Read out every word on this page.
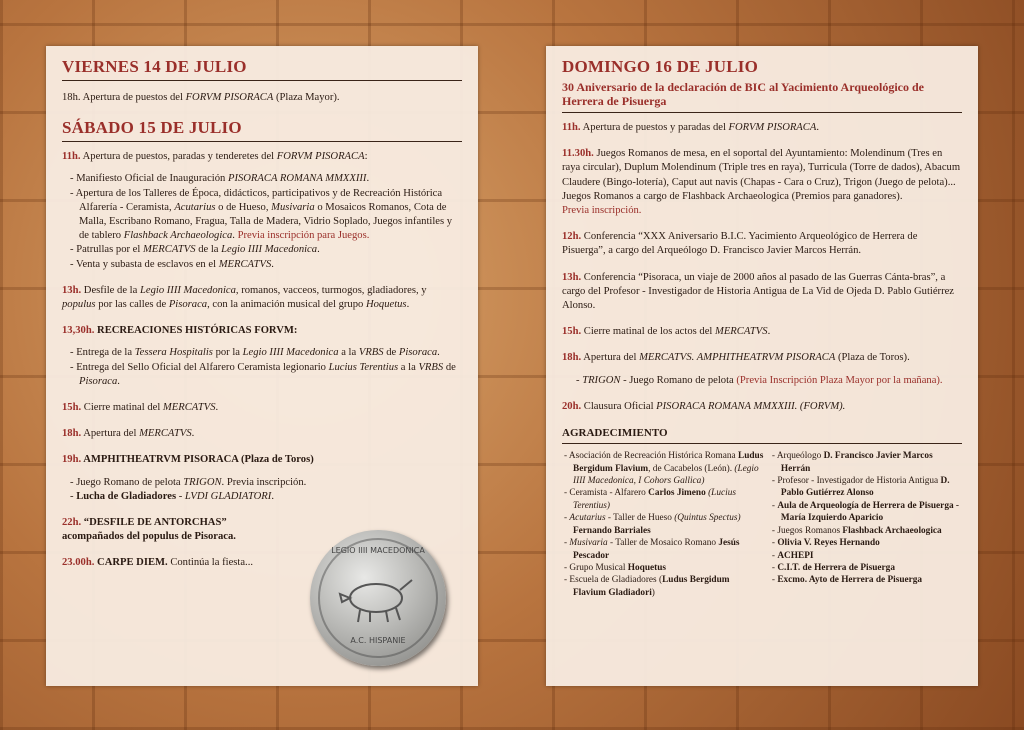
VIERNES 14 DE JULIO

18h. Apertura de puestos del FORVM PISORACA (Plaza Mayor).

SÁBADO 15 DE JULIO

11h. Apertura de puestos, paradas y tenderetes del FORVM PISORACA:

- Manifiesto Oficial de Inauguración PISORACA ROMANA MMXXIII.
- Apertura de los Talleres de Época, didácticos, participativos y de Recreación Histórica Alfarería - Ceramista, Acutarius o de Hueso, Musivaria o Mosaicos Romanos, Cota de Malla, Escribano Romano, Fragua, Talla de Madera, Vidrio Soplado, Juegos infantiles y de tablero Flashback Archaeologica. Previa inscripción para Juegos.
- Patrullas por el MERCATVS de la Legio IIII Macedonica.
- Venta y subasta de esclavos en el MERCATVS.

13h. Desfile de la Legio IIII Macedonica, romanos, vacceos, turmogos, gladiadores, y populus por las calles de Pisoraca, con la animación musical del grupo Hoquetus.

13,30h. RECREACIONES HISTÓRICAS FORVM:

- Entrega de la Tessera Hospitalis por la Legio IIII Macedonica a la VRBS de Pisoraca.
- Entrega del Sello Oficial del Alfarero Ceramista legionario Lucius Terentius a la VRBS de Pisoraca.

15h. Cierre matinal del MERCATVS.

18h. Apertura del MERCATVS.

19h. AMPHITHEATRVM PISORACA (Plaza de Toros)

- Juego Romano de pelota TRIGON. Previa inscripción.
- Lucha de Gladiadores - LVDI GLADIATORI.

22h. “DESFILE DE ANTORCHAS”
acompañados del populus de Pisoraca.

23.00h. CARPE DIEM. Continúa la fiesta...

LEGIO IIII MACEDONICA
A.C. HISPANIE
DOMINGO 16 DE JULIO
30 Aniversario de la declaración de BIC al Yacimiento Arqueológico de Herrera de Pisuerga

11h. Apertura de puestos y paradas del FORVM PISORACA.

11.30h. Juegos Romanos de mesa, en el soportal del Ayuntamiento: Molendinum (Tres en raya circular), Duplum Molendinum (Triple tres en raya), Turricula (Torre de dados), Abacum Claudere (Bingo-lotería), Caput aut navis (Chapas - Cara o Cruz), Trigon (Juego de pelota)...
Juegos Romanos a cargo de Flashback Archaeologica (Premios para ganadores).
Previa inscripción.

12h. Conferencia “XXX Aniversario B.I.C. Yacimiento Arqueológico de Herrera de Pisuerga”, a cargo del Arqueólogo D. Francisco Javier Marcos Herrán.

13h. Conferencia “Pisoraca, un viaje de 2000 años al pasado de las Guerras Cánta-bras”, a cargo del Profesor - Investigador de Historia Antigua de La Vid de Ojeda D. Pablo Gutiérrez Alonso.

15h. Cierre matinal de los actos del MERCATVS.

18h. Apertura del MERCATVS. AMPHITHEATRVM PISORACA (Plaza de Toros).

- TRIGON - Juego Romano de pelota (Previa Inscripción Plaza Mayor por la mañana).

20h. Clausura Oficial PISORACA ROMANA MMXXIII. (FORVM).

AGRADECIMIENTO
- Asociación de Recreación Histórica Romana Ludus Bergidum Flavium, de Cacabelos (León). (Legio IIII Macedonica, I Cohors Gallica)
- Ceramista - Alfarero Carlos Jimeno (Lucius Terentius)
- Acutarius - Taller de Hueso (Quintus Spectus) Fernando Barriales
- Musivaria - Taller de Mosaico Romano Jesús Pescador
- Grupo Musical Hoquetus
- Escuela de Gladiadores (Ludus Bergidum Flavium Gladiadori)
- Arqueólogo D. Francisco Javier Marcos Herrán
- Profesor - Investigador de Historia Antigua D. Pablo Gutiérrez Alonso
- Aula de Arqueología de Herrera de Pisuerga - María Izquierdo Aparicio
- Juegos Romanos Flashback Archaeologica
- Olivia V. Reyes Hernando
- ACHEPI
- C.I.T. de Herrera de Pisuerga
- Excmo. Ayto de Herrera de Pisuerga
